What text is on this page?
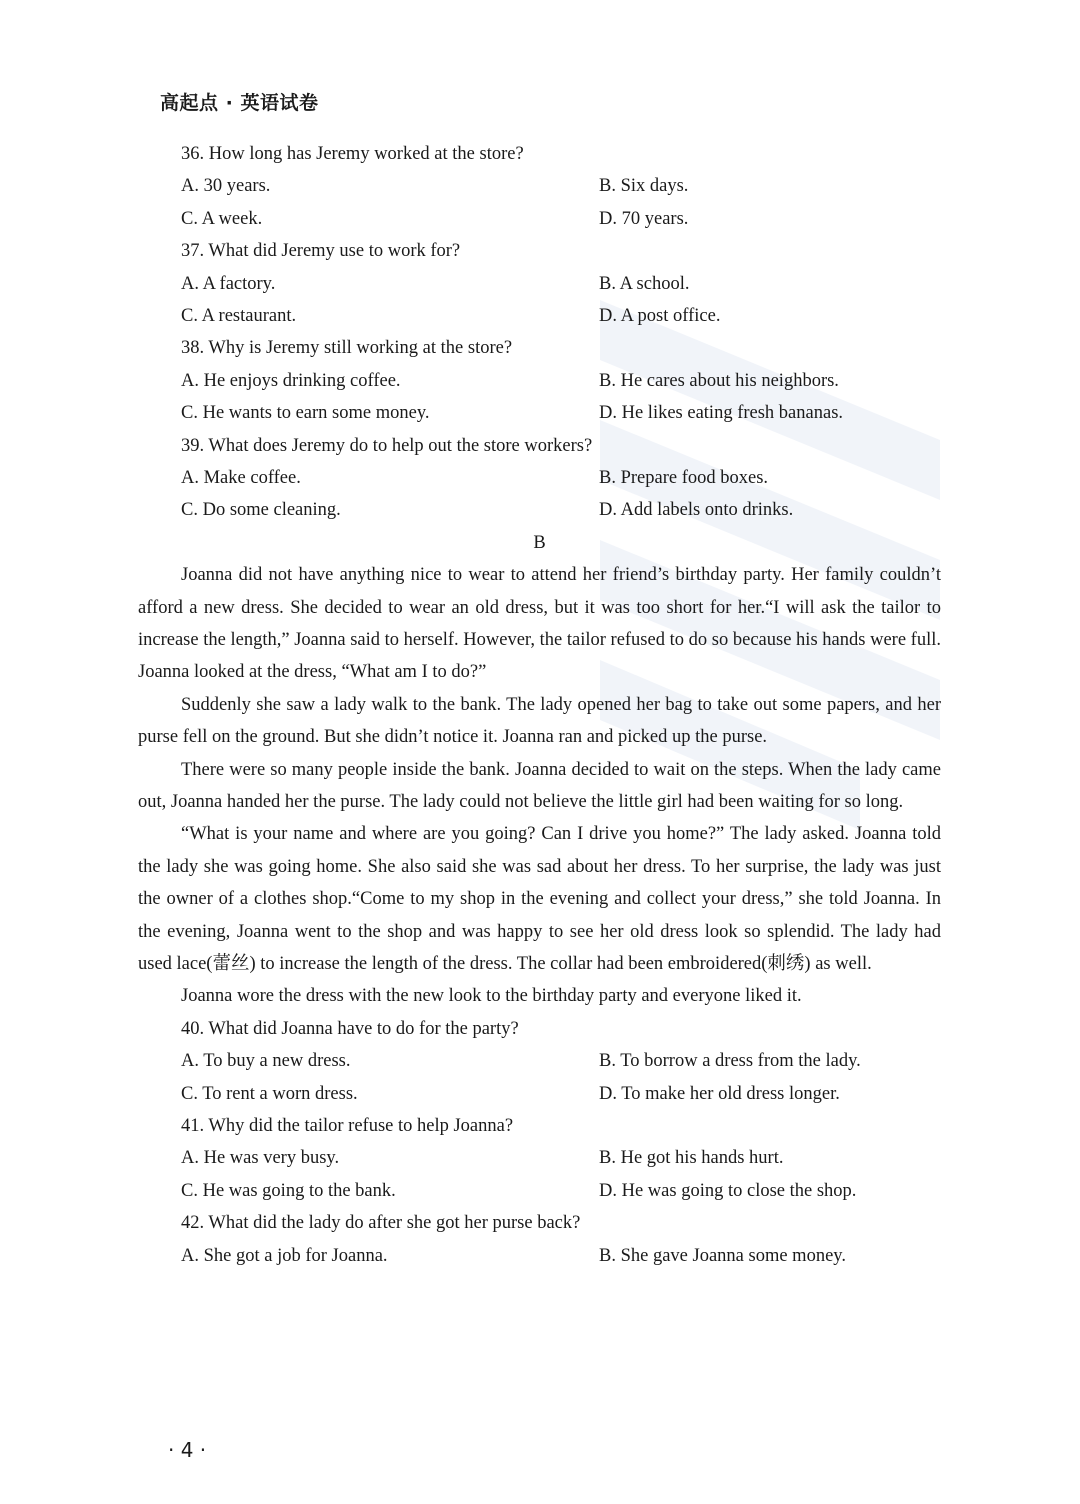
高起点 · 英语试卷
36. How long has Jeremy worked at the store?
A. 30 years.	B. Six days.
C. A week.	D. 70 years.
37. What did Jeremy use to work for?
A. A factory.	B. A school.
C. A restaurant.	D. A post office.
38. Why is Jeremy still working at the store?
A. He enjoys drinking coffee.	B. He cares about his neighbors.
C. He wants to earn some money.	D. He likes eating fresh bananas.
39. What does Jeremy do to help out the store workers?
A. Make coffee.	B. Prepare food boxes.
C. Do some cleaning.	D. Add labels onto drinks.
B

Joanna did not have anything nice to wear to attend her friend’s birthday party. Her family couldn’t afford a new dress. She decided to wear an old dress, but it was too short for her.“I will ask the tailor to increase the length,” Joanna said to herself. However, the tailor refused to do so because his hands were full. Joanna looked at the dress, “What am I to do?”

Suddenly she saw a lady walk to the bank. The lady opened her bag to take out some papers, and her purse fell on the ground. But she didn’t notice it. Joanna ran and picked up the purse.

There were so many people inside the bank. Joanna decided to wait on the steps. When the lady came out, Joanna handed her the purse. The lady could not believe the little girl had been waiting for so long.

“What is your name and where are you going? Can I drive you home?” The lady asked. Joanna told the lady she was going home. She also said she was sad about her dress. To her surprise, the lady was just the owner of a clothes shop.“Come to my shop in the evening and collect your dress,” she told Joanna. In the evening, Joanna went to the shop and was happy to see her old dress look so splendid. The lady had used lace(蕾丝) to increase the length of the dress. The collar had been embroidered(刺绣) as well.

Joanna wore the dress with the new look to the birthday party and everyone liked it.

40. What did Joanna have to do for the party?
A. To buy a new dress.	B. To borrow a dress from the lady.
C. To rent a worn dress.	D. To make her old dress longer.
41. Why did the tailor refuse to help Joanna?
A. He was very busy.	B. He got his hands hurt.
C. He was going to the bank.	D. He was going to close the shop.
42. What did the lady do after she got her purse back?
A. She got a job for Joanna.	B. She gave Joanna some money.
· 4 ·
